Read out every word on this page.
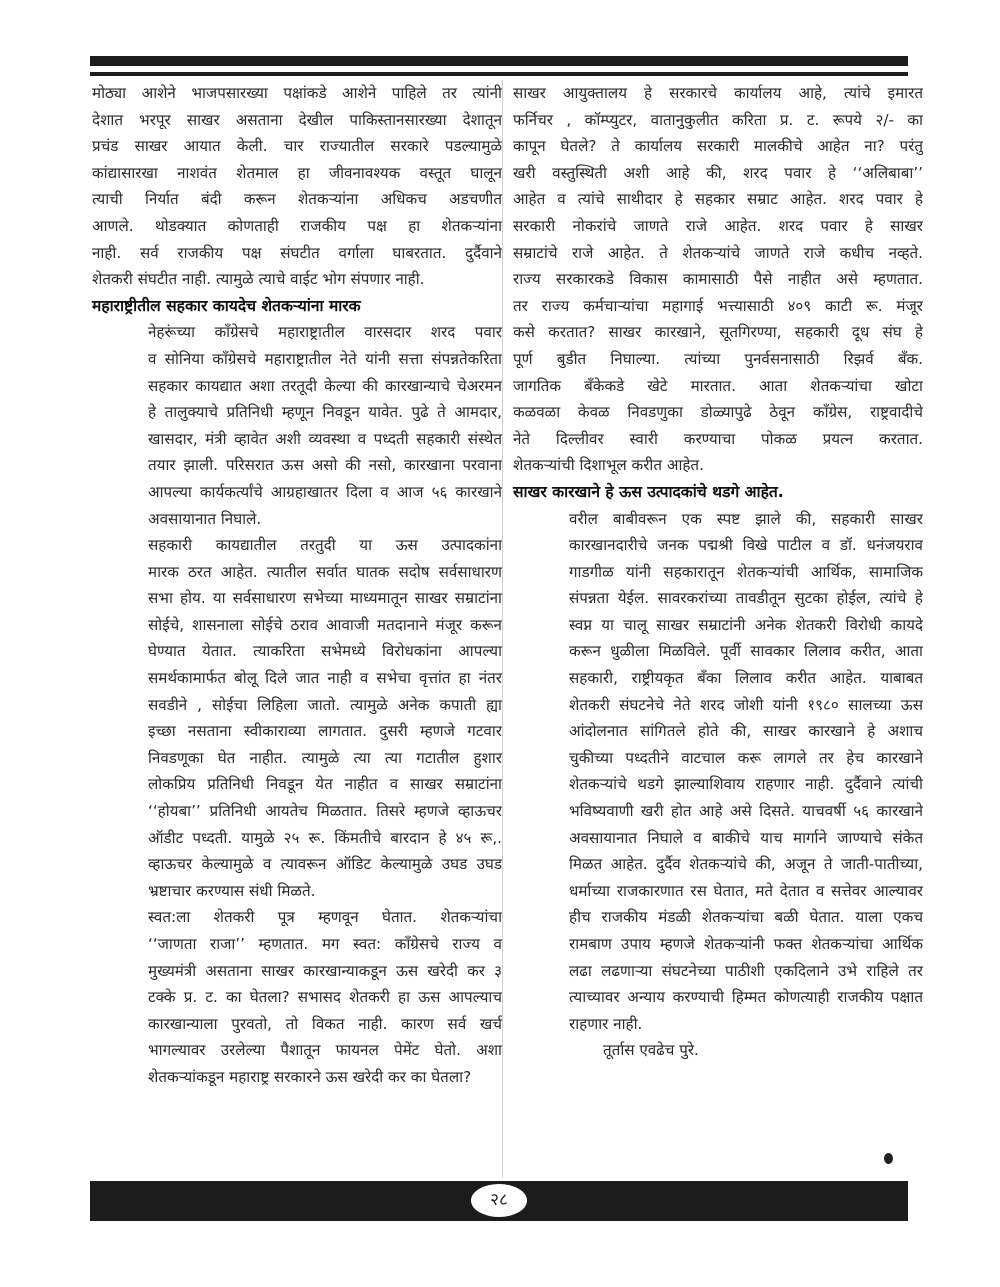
मोठ्या आशेने भाजपसारख्या पक्षांकडे आशेने पाहिले तर त्यांनी
देशात भरपूर साखर असताना देखील पाकिस्तानसारख्या देशातून
प्रचंड साखर आयात केली. चार राज्यातील सरकारे पडल्यामुळे
कांद्यासारखा नाशवंत शेतमाल हा जीवनावश्यक वस्तूत घालून
त्याची निर्यात बंदी करून शेतकऱ्यांना अधिकच अडचणीत
आणले. थोडक्यात कोणताही राजकीय पक्ष हा शेतकऱ्यांना
नाही. सर्व राजकीय पक्ष संघटीत वर्गाला घाबरतात. दुर्दैवाने
शेतकरी संघटीत नाही. त्यामुळे त्याचे वाईट भोग संपणार नाही.
महाराष्ट्रीतील सहकार कायदेच शेतकऱ्यांना मारक
नेहरूंच्या काँग्रेसचे महाराष्ट्रातील वारसदार शरद पवार
व सोनिया काँग्रेसचे महाराष्ट्रातील नेते यांनी सत्ता संपन्नतेकरिता
सहकार कायद्यात अशा तरतूदी केल्या की कारखान्याचे चेअरमन
हे तालुक्याचे प्रतिनिधी म्हणून निवडून यावेत. पुढे ते आमदार,
खासदार, मंत्री व्हावेत अशी व्यवस्था व पध्दती सहकारी संस्थेत
तयार झाली. परिसरात ऊस असो की नसो, कारखाना परवाना
आपल्या कार्यकर्त्यांचे आग्रहाखातर दिला व आज ५६ कारखाने
अवसायानात निघाले.
सहकारी कायद्यातील तरतुदी या ऊस उत्पादकांना
मारक ठरत आहेत. त्यातील सर्वात घातक सदोष सर्वसाधारण
सभा होय. या सर्वसाधारण सभेच्या माध्यमातून साखर सम्राटांना
सोईचे, शासनाला सोईचे ठराव आवाजी मतदानाने मंजूर करून
घेण्यात येतात. त्याकरिता सभेमध्ये विरोधकांना आपल्या
समर्थकामार्फत बोलू दिले जात नाही व सभेचा वृत्तांत हा नंतर
सवडीने , सोईचा लिहिला जातो. त्यामुळे अनेक कपाती ह्या
इच्छा नसताना स्वीकाराव्या लागतात. दुसरी म्हणजे गटवार
निवडणूका घेत नाहीत. त्यामुळे त्या त्या गटातील हुशार
लोकप्रिय प्रतिनिधी निवडून येत नाहीत व साखर सम्राटांना
‘‘होयबा’’ प्रतिनिधी आयतेच मिळतात. तिसरे म्हणजे व्हाऊचर
ऑडीट पध्दती. यामुळे २५ रू. किंमतीचे बारदान हे ४५ रू,.
व्हाऊचर केल्यामुळे व त्यावरून ऑडिट केल्यामुळे उघड उघड
भ्रष्टाचार करण्यास संधी मिळते.
स्वत:ला शेतकरी पूत्र म्हणवून घेतात. शेतकऱ्यांचा
‘‘जाणता राजा’’ म्हणतात. मग स्वत: काँग्रेसचे राज्य व
मुख्यमंत्री असताना साखर कारखान्याकडून ऊस खरेदी कर ३
टक्के प्र. ट. का घेतला? सभासद शेतकरी हा ऊस आपल्याच
कारखान्याला पुरवतो, तो विकत नाही. कारण सर्व खर्च
भागल्यावर उरलेल्या पैशातून फायनल पेमेंट घेतो. अशा
शेतकऱ्यांकडून महाराष्ट्र सरकारने ऊस खरेदी कर का घेतला?
साखर आयुक्तालय हे सरकारचे कार्यालय आहे, त्यांचे इमारत
फर्निचर , कॉम्प्युटर, वातानुकुलीत करिता प्र. ट. रूपये २/- का
कापून घेतले? ते कार्यालय सरकारी मालकीचे आहेत ना? परंतु
खरी वस्तुस्थिती अशी आहे की, शरद पवार हे ‘‘अलिबाबा’’
आहेत व त्यांचे साथीदार हे सहकार सम्राट आहेत. शरद पवार हे
सरकारी नोकरांचे जाणते राजे आहेत. शरद पवार हे साखर
सम्राटांचे राजे आहेत. ते शेतकऱ्यांचे जाणते राजे कधीच नव्हते.
राज्य सरकारकडे विकास कामासाठी पैसे नाहीत असे म्हणतात.
तर राज्य कर्मचाऱ्यांचा महागाई भत्त्यासाठी ४०९ काटी रू. मंजूर
कसे करतात? साखर कारखाने, सूतगिरण्या, सहकारी दूध संघ हे
पूर्ण बुडीत निघाल्या. त्यांच्या पुनर्वसनासाठी रिझर्व बँक.
जागतिक बँकेकडे खेटे मारतात. आता शेतकऱ्यांचा खोटा
कळवळा केवळ निवडणुका डोळ्यापुढे ठेवून काँग्रेस, राष्ट्रवादीचे
नेते दिल्लीवर स्वारी करण्याचा पोकळ प्रयत्न करतात.
शेतकऱ्यांची दिशाभूल करीत आहेत.
साखर कारखाने हे ऊस उत्पादकांचे थडगे आहेत.
वरील बाबीवरून एक स्पष्ट झाले की, सहकारी साखर
कारखानदारीचे जनक पद्मश्री विखे पाटील व डॉ. धनंजयराव
गाडगीळ यांनी सहकारातून शेतकऱ्यांची आर्थिक, सामाजिक
संपन्नता येईल. सावरकरांच्या तावडीतून सुटका होईल, त्यांचे हे
स्वप्न या चालू साखर सम्राटांनी अनेक शेतकरी विरोधी कायदे
करून धुळीला मिळविले. पूर्वी सावकार लिलाव करीत, आता
सहकारी, राष्ट्रीयकृत बँका लिलाव करीत आहेत. याबाबत
शेतकरी संघटनेचे नेते शरद जोशी यांनी १९८० सालच्या ऊस
आंदोलनात सांगितले होते की, साखर कारखाने हे अशाच
चुकीच्या पध्दतीने वाटचाल करू लागले तर हेच कारखाने
शेतकऱ्यांचे थडगे झाल्याशिवाय राहणार नाही. दुर्दैवाने त्यांची
भविष्यवाणी खरी होत आहे असे दिसते. याचवर्षी ५६ कारखाने
अवसायानात निघाले व बाकीचे याच मार्गाने जाण्याचे संकेत
मिळत आहेत. दुर्दैव शेतकऱ्यांचे की, अजून ते जाती-पातीच्या,
धर्माच्या राजकारणात रस घेतात, मते देतात व सत्तेवर आल्यावर
हीच राजकीय मंडळी शेतकऱ्यांचा बळी घेतात. याला एकच
रामबाण उपाय म्हणजे शेतकऱ्यांनी फक्त शेतकऱ्यांचा आर्थिक
लढा लढणाऱ्या संघटनेच्या पाठीशी एकदिलाने उभे राहिले तर
त्याच्यावर अन्याय करण्याची हिम्मत कोणत्याही राजकीय पक्षात
राहणार नाही.

तूर्तास एवढेच पुरे.

२८
